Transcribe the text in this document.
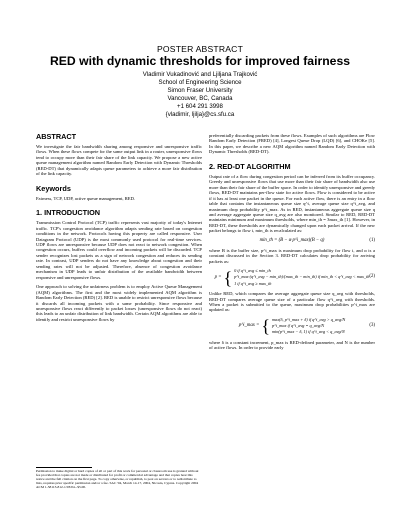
POSTER ABSTRACT
RED with dynamic thresholds for improved fairness
Vladimir Vukadinović and Ljiljana Trajković
School of Engineering Science
Simon Fraser University
Vancouver, BC, Canada
+1 604 291 3998
{vladimir, ljilja}@cs.sfu.ca
ABSTRACT

We investigate the fair bandwidth sharing among responsive and unresponsive traffic flows. When these flows compete for the same output link in a router, unresponsive flows tend to occupy more than their fair share of the link capacity. We propose a new active queue management algorithm named Random Early Detection with Dynamic Thresholds (RED-DT) that dynamically adapts queue parameters to achieve a more fair distribution of the link capacity.

Keywords

Fairness, TCP, UDP, active queue management, RED.

1. INTRODUCTION

Transmission Control Protocol (TCP) traffic represents vast majority of today's Internet traffic. TCP's congestion avoidance algorithm adapts sending rate based on congestion conditions in the network. Protocols having this property are called responsive. User Datagram Protocol (UDP) is the most commonly used protocol for real-time services. UDP flows are unresponsive because UDP does not react to network congestion. When congestion occurs, buffers could overflow and incoming packets will be discarded. TCP sender recognizes lost packets as a sign of network congestion and reduces its sending rate. In contrast, UDP senders do not have any knowledge about congestion and their sending rates will not be adjusted. Therefore, absence of congestion avoidance mechanism in UDP leads to unfair distribution of the available bandwidth between responsive and unresponsive flows.

One approach to solving the unfairness problem is to employ Active Queue Management (AQM) algorithms. The first and the most widely implemented AQM algorithm is Random Early Detection (RED) [2]. RED is unable to restrict unresponsive flows because it discards all incoming packets with a same probability. Since responsive and unresponsive flows react differently to packet losses (unresponsive flows do not react) this leads to an unfair distribution of link bandwidth. Certain AQM algorithms are able to identify and restrict unresponsive flows by

Permission to make digital or hard copies of all or part of this work for personal or classroom use is granted without fee provided that copies are not made or distributed for profit or commercial advantage and that copies bear this notice and the full citation on the first page. To copy otherwise, or republish, to post on servers or to redistribute to lists, requires prior specific permission and/or a fee. SAC '04, March 14-17, 2004, Nicosia, Cyprus. Copyright 2004 ACM 1-58113-812-1/03/04...$5.00.

preferentially discarding packets from these flows. Examples of such algorithms are Flow Random Early Detection (FRED) [4], Longest Queue Drop (LQD) [6], and CHOKe [5]. In this paper, we describe a new AQM algorithm named Random Early Detection with Dynamic Thresholds (RED-DT).

2. RED-DT ALGORITHM

Output rate of a flow during congestion period can be inferred from its buffer occupancy. Greedy and unresponsive flows that use more than their fair share of bandwidth also use more than their fair share of the buffer space. In order to identify unresponsive and greedy flows, RED-DT maintains per-flow state for active flows. Flow is considered to be active if it has at least one packet in the queue. For each active flow, there is an entry in a flow table that contains the instantaneous queue size q^i, average queue size q^i_avg, and maximum drop probability p^i_max. As in RED, instantaneous aggregate queue size q and average aggregate queue size q_avg are also monitored. Similar to RED, RED-DT maintains minimum and maximum thresholds, where min_th = 3max_th [1]. However, in RED-DT, these thresholds are dynamically changed upon each packet arrival. If the new packet belongs to flow i, min_th is recalculated as:

min_th = (B − α·p^i_max)(B − q)	(1)

where B is the buffer size, p^i_max is maximum drop probability for flow i, and α is a constant discussed in the Section 3. RED-DT calculates drop probability for arriving packets as:

p = { 0 if q^i_avg ≤ min_th
p^i_max·(q^i_avg − min_th)/(max_th − min_th) if min_th < q^i_avg < max_th
1 if q^i_avg ≥ max_th
(2)

Unlike RED, which compares the average aggregate queue size q_avg with thresholds, RED-DT compares average queue size of a particular flow q^i_avg with thresholds. When a packet is submitted to the queue, maximum drop probabilities p^i_max are updated as:

p^i_max = { max(δ, p^i_max + δ) if q^i_avg > q_avg/N
p^i_max if q^i_avg = q_avg/N
min(p^i_max − δ, 1) if q^i_avg < q_avg/N
(3)

where δ is a constant increment, p_max is RED-defined parameter, and N is the number of active flows. In order to provide early
